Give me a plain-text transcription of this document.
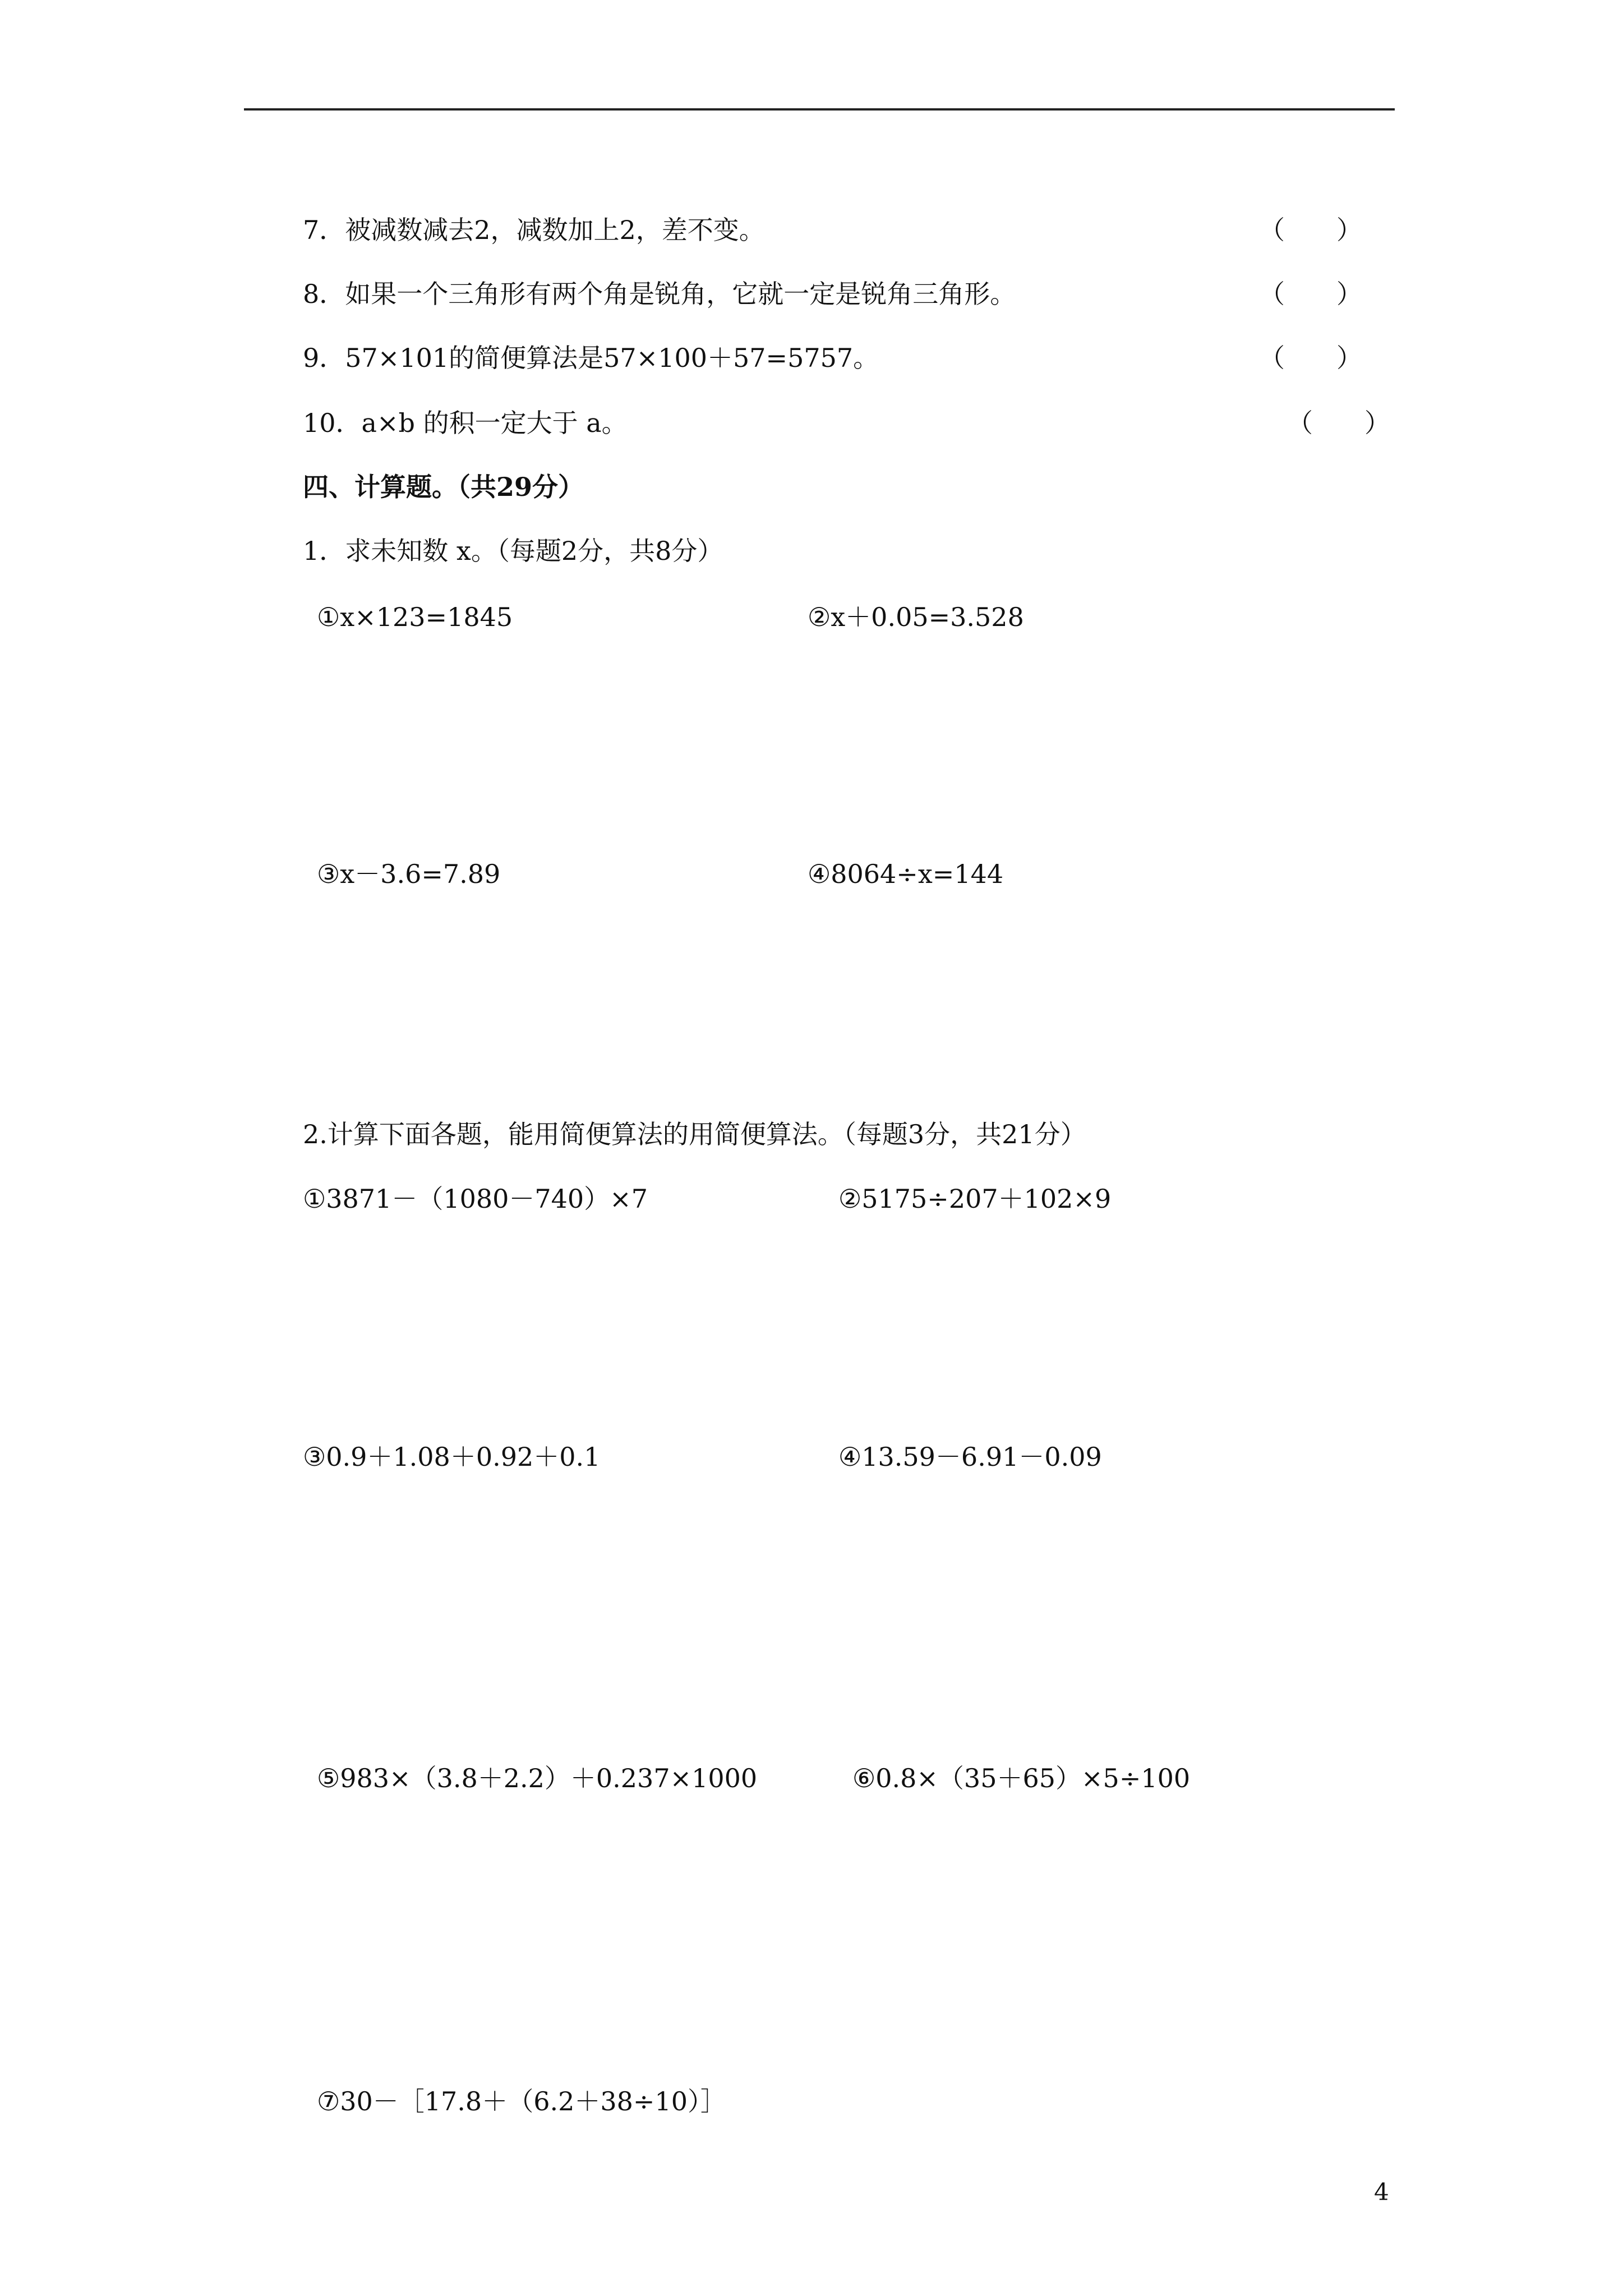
7．被减数减去2，减数加上2，差不变。	（　　）
8．如果一个三角形有两个角是锐角，它就一定是锐角三角形。	（　　）
9．57×101的简便算法是57×100＋57=5757。	（　　）
10．a×b 的积一定大于 a。	（　　）
四、计算题。（共29分）
1．求未知数 x。（每题2分，共8分）
①x×123=1845	②x＋0.05=3.528
③x－3.6=7.89	④8064÷x=144
2.计算下面各题，能用简便算法的用简便算法。（每题3分，共21分）
①3871－（1080－740）×7	②5175÷207＋102×9
③0.9＋1.08＋0.92＋0.1	④13.59－6.91－0.09
⑤983×（3.8＋2.2）＋0.237×1000	⑥0.8×（35＋65）×5÷100
⑦30－［17.8＋（6.2＋38÷10）］
4
